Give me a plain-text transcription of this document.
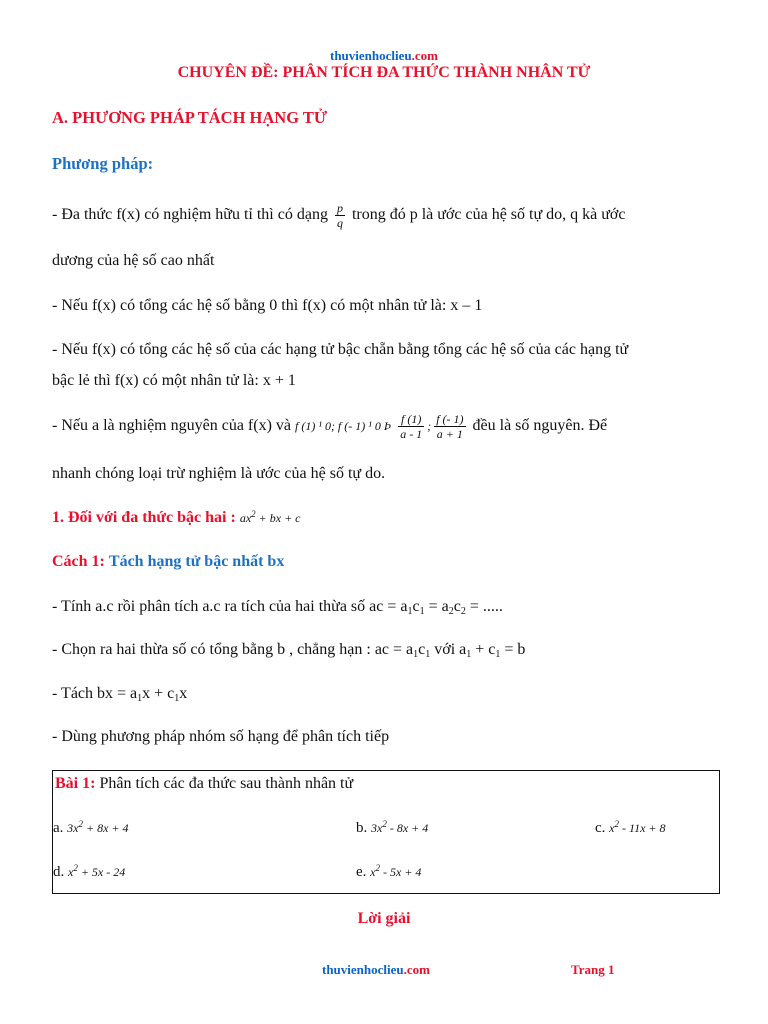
thuvienhoclieu.com
CHUYÊN ĐỀ: PHÂN TÍCH ĐA THỨC THÀNH NHÂN TỬ
A. PHƯƠNG PHÁP TÁCH HẠNG TỬ
Phương pháp:
- Đa thức f(x) có nghiệm hữu tỉ thì có dạng $\frac{p}{q}$ trong đó p là ước của hệ số tự do, q kà ước
dương của hệ số cao nhất
- Nếu f(x) có tổng các hệ số bằng 0 thì f(x) có một nhân tử là: x – 1
- Nếu f(x) có tổng các hệ số của các hạng tử bậc chẵn bằng tổng các hệ số của các hạng tử
bậc lẻ thì f(x) có một nhân tử là: x + 1
- Nếu a là nghiệm nguyên của f(x) và f (1) ¹ 0; f (- 1) ¹ 0 Þ $\frac{f (1)}{a - 1}$ ; $\frac{f (- 1)}{a + 1}$ đều là số nguyên. Để
nhanh chóng loại trừ nghiệm là ước của hệ số tự do.
1. Đối với đa thức bậc hai : $ax^2$ + bx + c
Cách 1: Tách hạng tử bậc nhất bx
- Tính a.c rồi phân tích a.c ra tích của hai thừa số ac = $a_1c_1 = a_2c_2$ = .....
- Chọn ra hai thừa số có tổng bằng b , chẳng hạn : ac = $a_1c_1$ với $a_1 + c_1 = b$
- Tách bx = $a_1x + c_1x$
- Dùng phương pháp nhóm số hạng để phân tích tiếp
Bài 1: Phân tích các đa thức sau thành nhân tử
a. $3x^2 + 8x + 4$	b. $3x^2 - 8x + 4$	c. $x^2 - 11x + 8$
d. $x^2 + 5x - 24$	e. $x^2 - 5x + 4$
Lời giải
thuvienhoclieu.com	Trang 1
